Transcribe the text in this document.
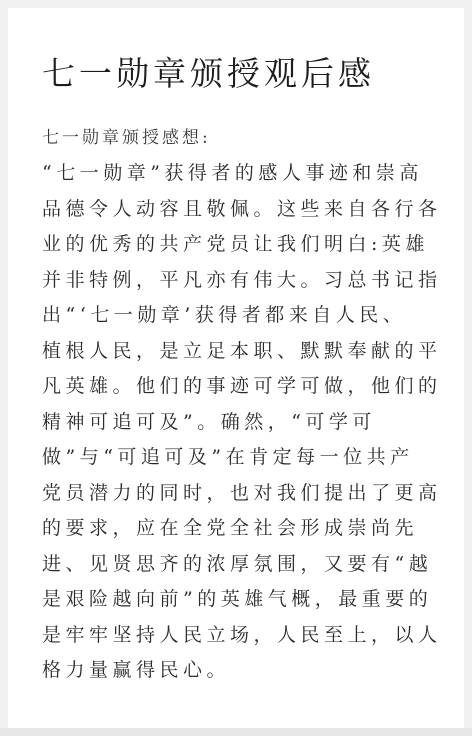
七一勋章颁授观后感
七一勋章颁授感想:
“七一勋章”获得者的感人事迹和崇高
品德令人动容且敬佩。这些来自各行各
业的优秀的共产党员让我们明白:英雄
并非特例，平凡亦有伟大。习总书记指
出“‘七一勋章’获得者都来自人民、
植根人民，是立足本职、默默奉献的平
凡英雄。他们的事迹可学可做，他们的
精神可追可及”。确然，“可学可
做”与“可追可及”在肯定每一位共产
党员潜力的同时，也对我们提出了更高
的要求，应在全党全社会形成崇尚先
进、见贤思齐的浓厚氛围，又要有“越
是艰险越向前”的英雄气概，最重要的
是牢牢坚持人民立场，人民至上，以人
格力量赢得民心。
